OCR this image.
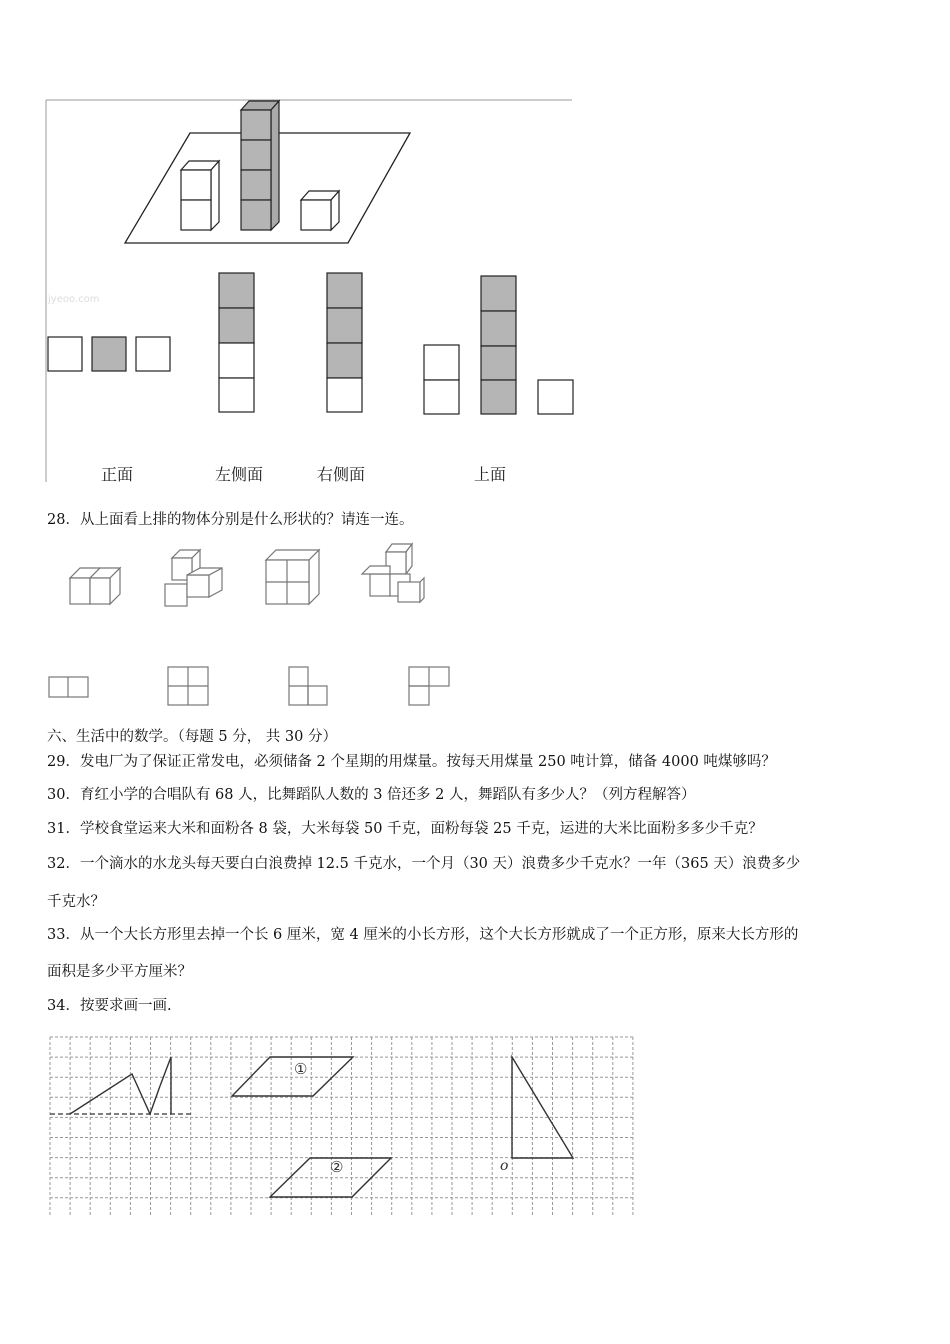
jyeoo.com
正面	左侧面	右侧面	上面
28．从上面看上排的物体分别是什么形状的？请连一连。
六、生活中的数学。（每题 5 分， 共 30 分）
29．发电厂为了保证正常发电，必须储备 2 个星期的用煤量。按每天用煤量 250 吨计算，储备 4000 吨煤够吗？
30．育红小学的合唱队有 68 人，比舞蹈队人数的 3 倍还多 2 人，舞蹈队有多少人？（列方程解答）
31．学校食堂运来大米和面粉各 8 袋，大米每袋 50 千克，面粉每袋 25 千克，运进的大米比面粉多多少千克？
32．一个滴水的水龙头每天要白白浪费掉 12.5 千克水，一个月（30 天）浪费多少千克水？一年（365 天）浪费多少
千克水？
33．从一个大长方形里去掉一个长 6 厘米，宽 4 厘米的小长方形，这个大长方形就成了一个正方形，原来大长方形的
面积是多少平方厘米？
34．按要求画一画.
①
②	o
